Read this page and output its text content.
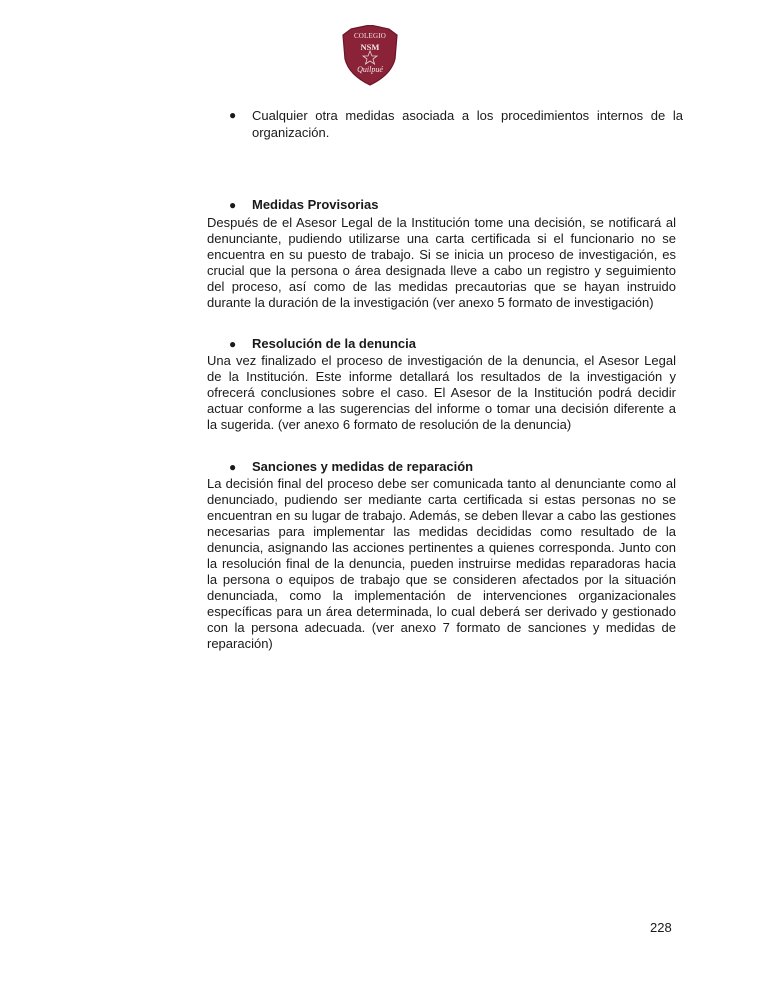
COLEGIO
NSM
Quilpué
● Cualquier otra medidas asociada a los procedimientos internos de la organización.
● Medidas Provisorias
Después de el Asesor Legal de la Institución tome una decisión, se notificará al denunciante, pudiendo utilizarse una carta certificada si el funcionario no se encuentra en su puesto de trabajo. Si se inicia un proceso de investigación, es crucial que la persona o área designada lleve a cabo un registro y seguimiento del proceso, así como de las medidas precautorias que se hayan instruido durante la duración de la investigación (ver anexo 5 formato de investigación)
● Resolución de la denuncia
Una vez finalizado el proceso de investigación de la denuncia, el Asesor Legal de la Institución. Este informe detallará los resultados de la investigación y ofrecerá conclusiones sobre el caso. El Asesor de la Institución podrá decidir actuar conforme a las sugerencias del informe o tomar una decisión diferente a la sugerida. (ver anexo 6 formato de resolución de la denuncia)
● Sanciones y medidas de reparación
La decisión final del proceso debe ser comunicada tanto al denunciante como al denunciado, pudiendo ser mediante carta certificada si estas personas no se encuentran en su lugar de trabajo. Además, se deben llevar a cabo las gestiones necesarias para implementar las medidas decididas como resultado de la denuncia, asignando las acciones pertinentes a quienes corresponda. Junto con la resolución final de la denuncia, pueden instruirse medidas reparadoras hacia la persona o equipos de trabajo que se consideren afectados por la situación denunciada, como la implementación de intervenciones organizacionales específicas para un área determinada, lo cual deberá ser derivado y gestionado con la persona adecuada. (ver anexo 7 formato de sanciones y medidas de reparación)
228
